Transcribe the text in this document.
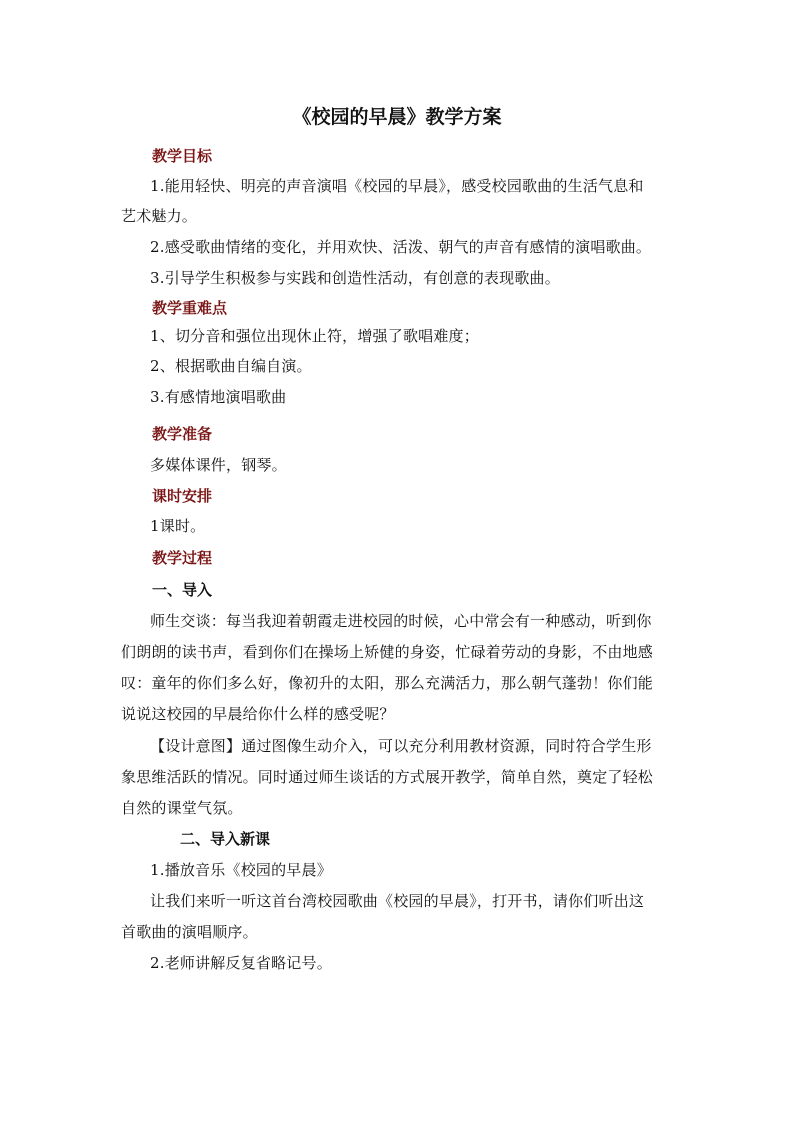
《校园的早晨》教学方案
教学目标
1.能用轻快、明亮的声音演唱《校园的早晨》，感受校园歌曲的生活气息和
艺术魅力。
2.感受歌曲情绪的变化，并用欢快、活泼、朝气的声音有感情的演唱歌曲。
3.引导学生积极参与实践和创造性活动，有创意的表现歌曲。
教学重难点
1、切分音和强位出现休止符，增强了歌唱难度；
2、根据歌曲自编自演。
3.有感情地演唱歌曲
教学准备
多媒体课件，钢琴。
课时安排
1课时。
教学过程
一、导入
师生交谈：每当我迎着朝霞走进校园的时候，心中常会有一种感动，听到你
们朗朗的读书声，看到你们在操场上矫健的身姿，忙碌着劳动的身影，不由地感
叹：童年的你们多么好，像初升的太阳，那么充满活力，那么朝气蓬勃！你们能
说说这校园的早晨给你什么样的感受呢？
【设计意图】通过图像生动介入，可以充分利用教材资源，同时符合学生形
象思维活跃的情况。同时通过师生谈话的方式展开教学，简单自然，奠定了轻松
自然的课堂气氛。
二、导入新课
1.播放音乐《校园的早晨》
让我们来听一听这首台湾校园歌曲《校园的早晨》，打开书，请你们听出这
首歌曲的演唱顺序。
2.老师讲解反复省略记号。
